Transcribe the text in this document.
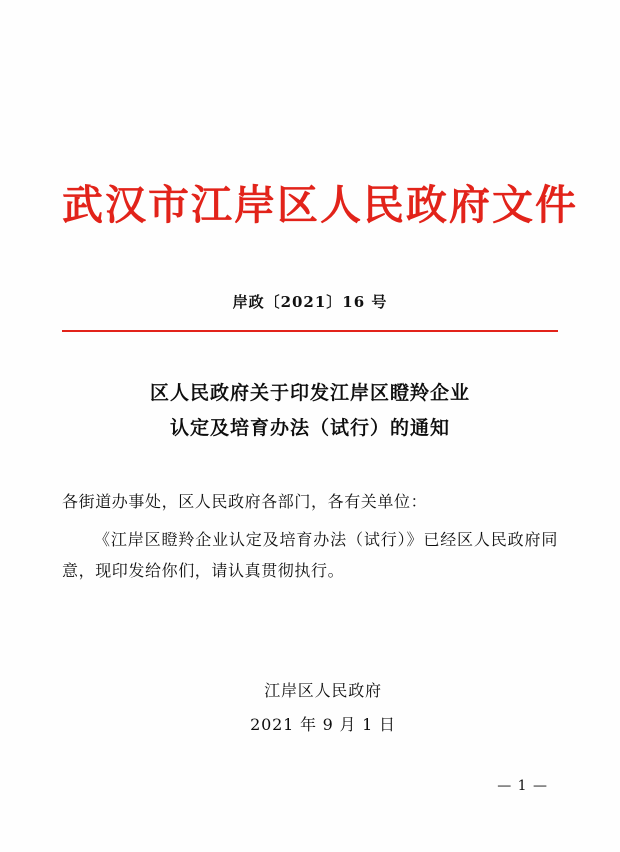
武汉市江岸区人民政府文件
岸政〔2021〕16 号
区人民政府关于印发江岸区瞪羚企业
认定及培育办法（试行）的通知
各街道办事处，区人民政府各部门，各有关单位：
《江岸区瞪羚企业认定及培育办法（试行）》已经区人民政府同意，现印发给你们，请认真贯彻执行。
江岸区人民政府
2021 年 9 月 1 日
— 1 —
